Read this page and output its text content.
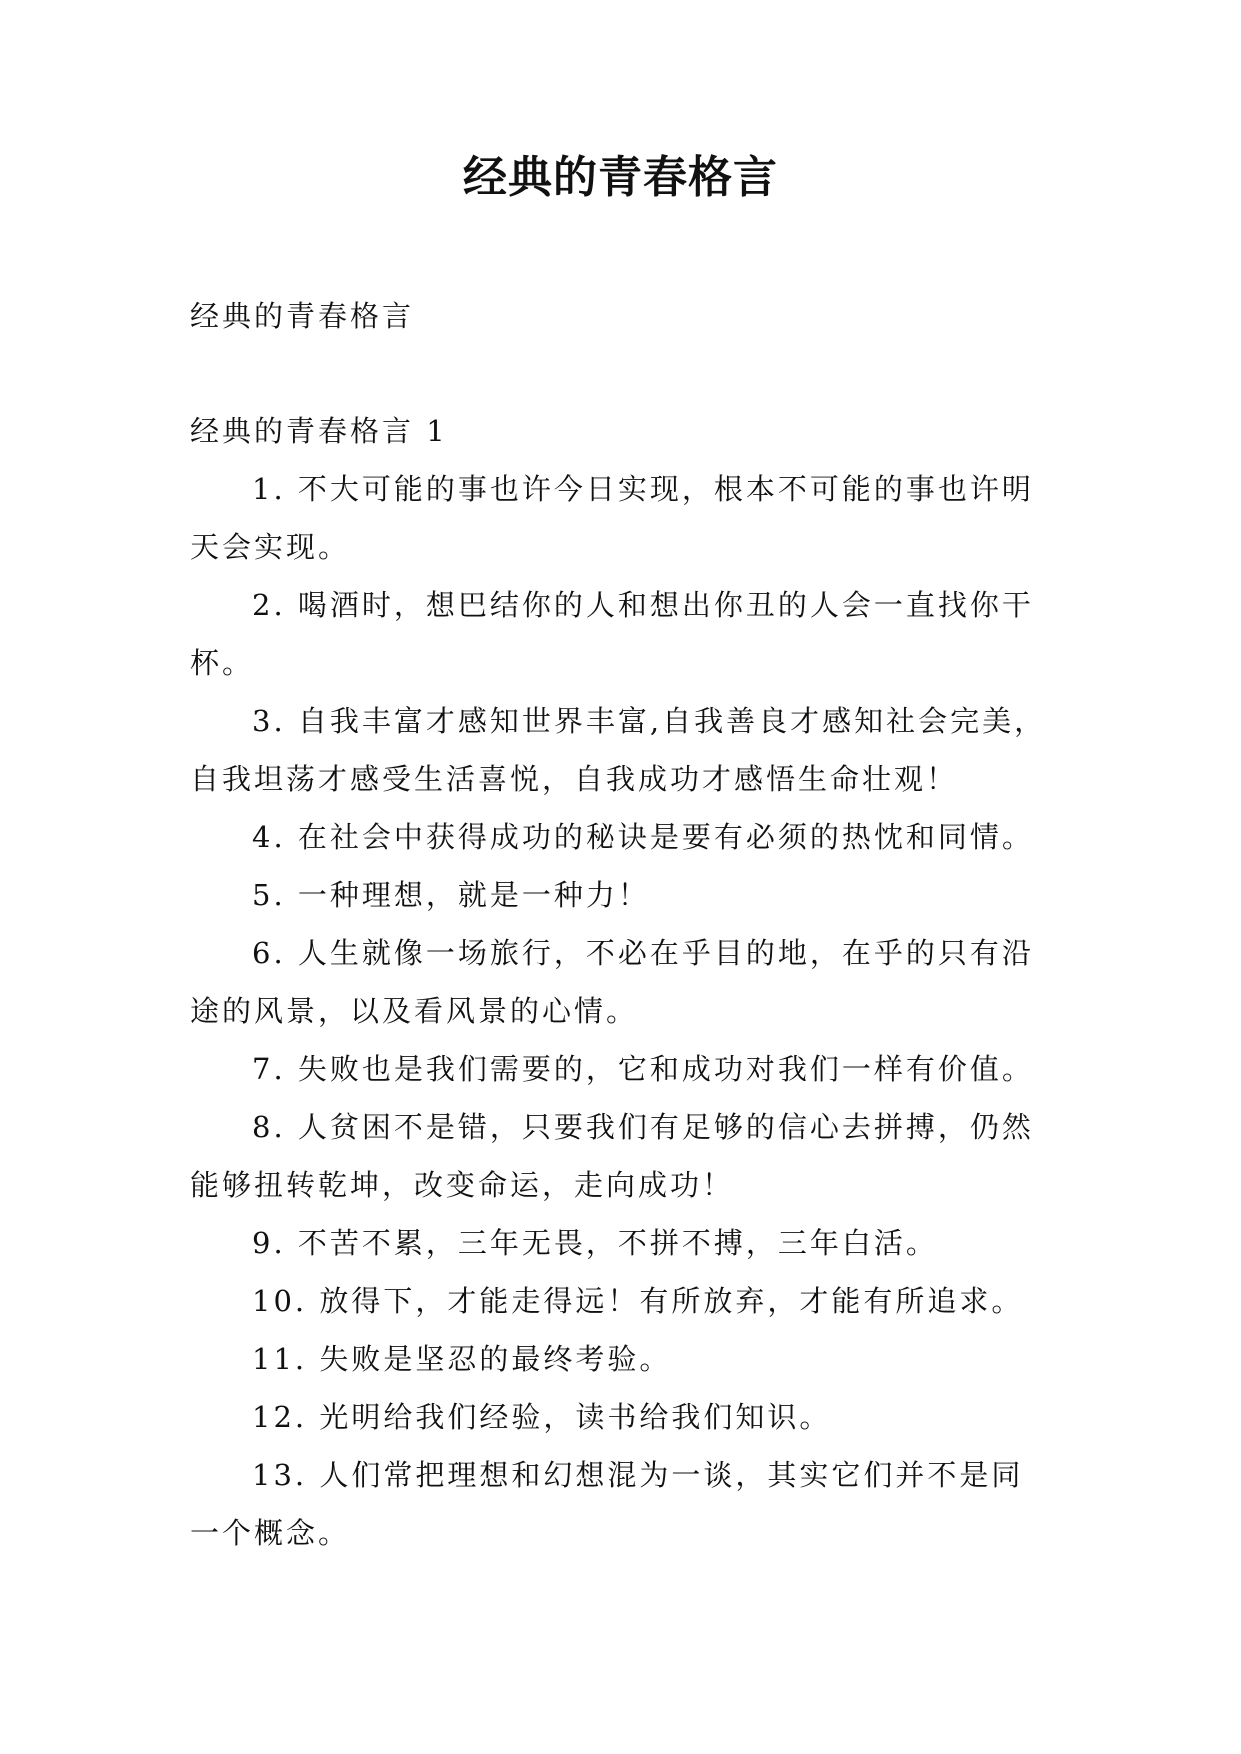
经典的青春格言

经典的青春格言

经典的青春格言 1

1. 不大可能的事也许今日实现，根本不可能的事也许明

天会实现。

2. 喝酒时，想巴结你的人和想出你丑的人会一直找你干

杯。

3. 自我丰富才感知世界丰富,自我善良才感知社会完美，

自我坦荡才感受生活喜悦，自我成功才感悟生命壮观！

4. 在社会中获得成功的秘诀是要有必须的热忱和同情。

5. 一种理想，就是一种力！

6. 人生就像一场旅行，不必在乎目的地，在乎的只有沿

途的风景，以及看风景的心情。

7. 失败也是我们需要的，它和成功对我们一样有价值。

8. 人贫困不是错，只要我们有足够的信心去拼搏，仍然

能够扭转乾坤，改变命运，走向成功！

9. 不苦不累，三年无畏，不拼不搏，三年白活。

10. 放得下，才能走得远！有所放弃，才能有所追求。

11. 失败是坚忍的最终考验。

12. 光明给我们经验，读书给我们知识。

13. 人们常把理想和幻想混为一谈，其实它们并不是同

一个概念。
